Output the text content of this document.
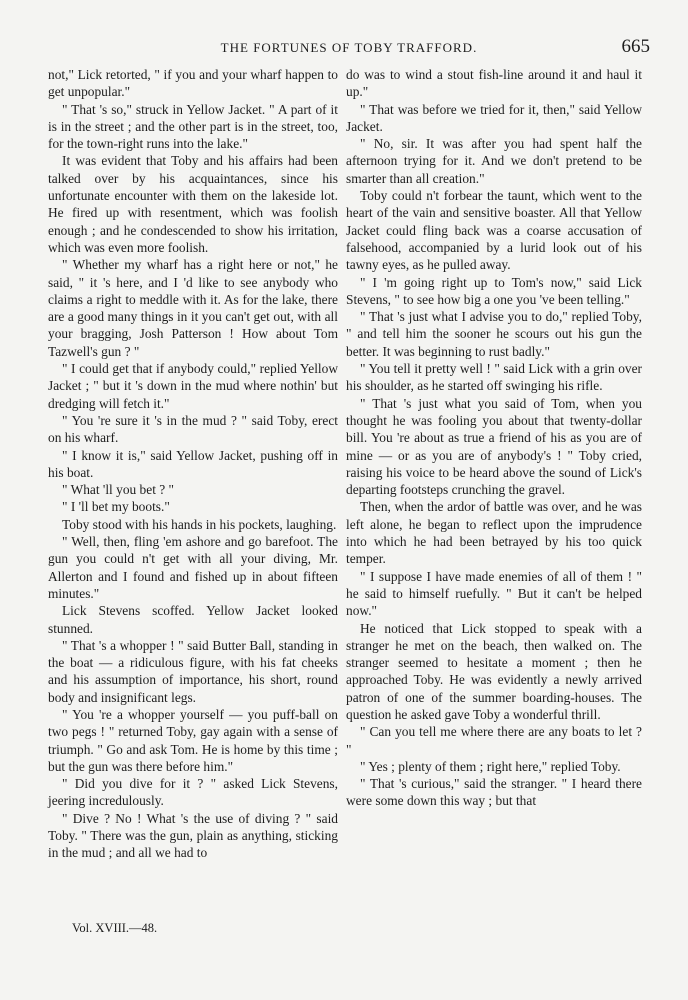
THE FORTUNES OF TOBY TRAFFORD.	665

not," Lick retorted, " if you and your wharf happen to get unpopular."

" That 's so," struck in Yellow Jacket. " A part of it is in the street ; and the other part is in the street, too, for the town-right runs into the lake."

It was evident that Toby and his affairs had been talked over by his acquaintances, since his unfortunate encounter with them on the lakeside lot. He fired up with resentment, which was foolish enough ; and he condescended to show his irritation, which was even more foolish.

" Whether my wharf has a right here or not," he said, " it 's here, and I 'd like to see anybody who claims a right to meddle with it. As for the lake, there are a good many things in it you can't get out, with all your bragging, Josh Patterson ! How about Tom Tazwell's gun ? "

" I could get that if anybody could," replied Yellow Jacket ; " but it 's down in the mud where nothin' but dredging will fetch it."

" You 're sure it 's in the mud ? " said Toby, erect on his wharf.

" I know it is," said Yellow Jacket, pushing off in his boat.

" What 'll you bet ? "

" I 'll bet my boots."

Toby stood with his hands in his pockets, laughing.

" Well, then, fling 'em ashore and go barefoot. The gun you could n't get with all your diving, Mr. Allerton and I found and fished up in about fifteen minutes."

Lick Stevens scoffed. Yellow Jacket looked stunned.

" That 's a whopper ! " said Butter Ball, standing in the boat — a ridiculous figure, with his fat cheeks and his assumption of importance, his short, round body and insignificant legs.

" You 're a whopper yourself — you puff-ball on two pegs ! " returned Toby, gay again with a sense of triumph. " Go and ask Tom. He is home by this time ; but the gun was there before him."

" Did you dive for it ? " asked Lick Stevens, jeering incredulously.

" Dive ? No ! What 's the use of diving ? " said Toby. " There was the gun, plain as anything, sticking in the mud ; and all we had to

do was to wind a stout fish-line around it and haul it up."

" That was before we tried for it, then," said Yellow Jacket.

" No, sir. It was after you had spent half the afternoon trying for it. And we don't pretend to be smarter than all creation."

Toby could n't forbear the taunt, which went to the heart of the vain and sensitive boaster. All that Yellow Jacket could fling back was a coarse accusation of falsehood, accompanied by a lurid look out of his tawny eyes, as he pulled away.

" I 'm going right up to Tom's now," said Lick Stevens, " to see how big a one you 've been telling."

" That 's just what I advise you to do," replied Toby, " and tell him the sooner he scours out his gun the better. It was beginning to rust badly."

" You tell it pretty well ! " said Lick with a grin over his shoulder, as he started off swinging his rifle.

" That 's just what you said of Tom, when you thought he was fooling you about that twenty-dollar bill. You 're about as true a friend of his as you are of mine — or as you are of anybody's ! " Toby cried, raising his voice to be heard above the sound of Lick's departing footsteps crunching the gravel.

Then, when the ardor of battle was over, and he was left alone, he began to reflect upon the imprudence into which he had been betrayed by his too quick temper.

" I suppose I have made enemies of all of them ! " he said to himself ruefully. " But it can't be helped now."

He noticed that Lick stopped to speak with a stranger he met on the beach, then walked on. The stranger seemed to hesitate a moment ; then he approached Toby. He was evidently a newly arrived patron of one of the summer boarding-houses. The question he asked gave Toby a wonderful thrill.

" Can you tell me where there are any boats to let ? "

" Yes ; plenty of them ; right here," replied Toby.

" That 's curious," said the stranger. " I heard there were some down this way ; but that

Vol. XVIII.—48.
